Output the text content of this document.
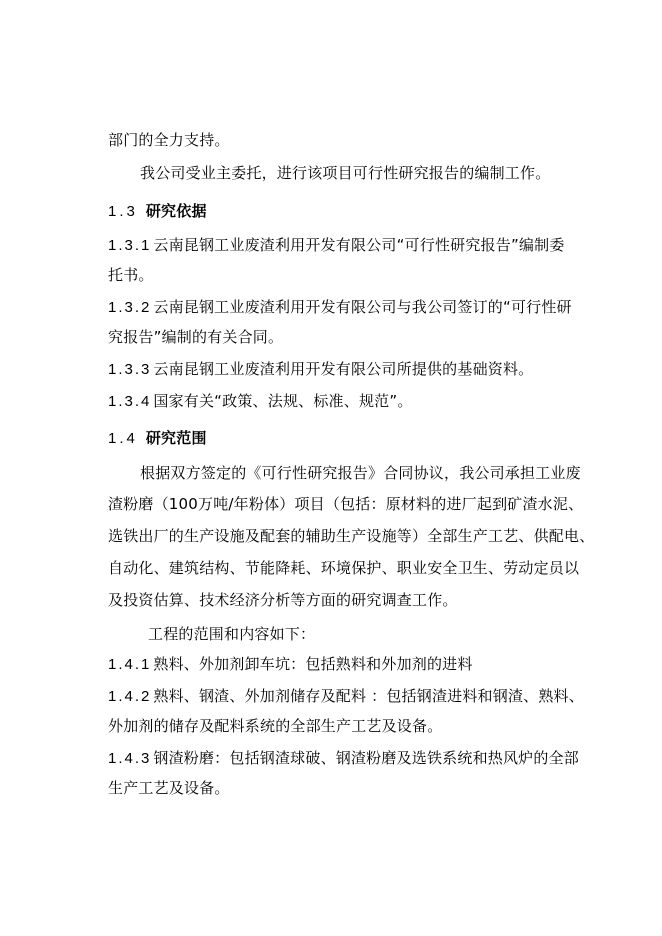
部门的全力支持。
我公司受业主委托，进行该项目可行性研究报告的编制工作。
1.3 研究依据
1.3.1 云南昆钢工业废渣利用开发有限公司“可行性研究报告”编制委
托书。
1.3.2 云南昆钢工业废渣利用开发有限公司与我公司签订的“可行性研
究报告”编制的有关合同。
1.3.3 云南昆钢工业废渣利用开发有限公司所提供的基础资料。
1.3.4 国家有关“政策、法规、标准、规范”。
1.4 研究范围
根据双方签定的《可行性研究报告》合同协议，我公司承担工业废
渣粉磨（100万吨/年粉体）项目（包括：原材料的进厂起到矿渣水泥、
选铁出厂的生产设施及配套的辅助生产设施等）全部生产工艺、供配电、
自动化、建筑结构、节能降耗、环境保护、职业安全卫生、劳动定员以
及投资估算、技术经济分析等方面的研究调查工作。
工程的范围和内容如下：
1.4.1 熟料、外加剂卸车坑：包括熟料和外加剂的进料
1.4.2 熟料、钢渣、外加剂储存及配料 ：包括钢渣进料和钢渣、熟料、
外加剂的储存及配料系统的全部生产工艺及设备。
1.4.3 钢渣粉磨：包括钢渣球破、钢渣粉磨及选铁系统和热风炉的全部
生产工艺及设备。
